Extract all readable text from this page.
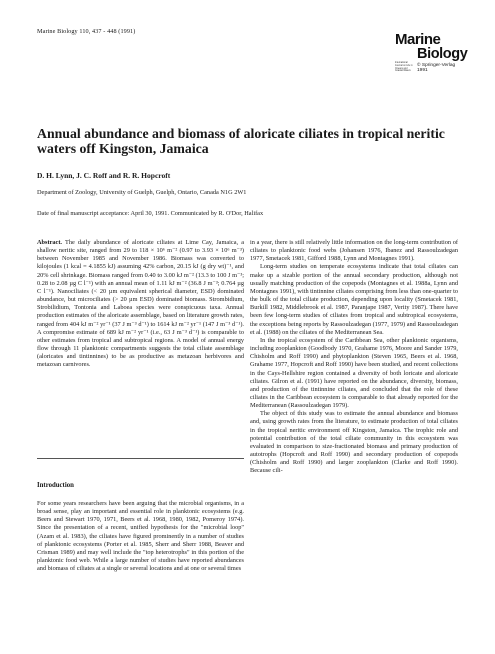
Marine Biology 110, 437 - 448 (1991)	Marine
Biology
International Journal on Life in Oceans and Coastal Waters
© Springer-Verlag 1991
Annual abundance and biomass of aloricate ciliates in tropical neritic waters off Kingston, Jamaica
D. H. Lynn, J. C. Roff and R. R. Hopcroft
Department of Zoology, University of Guelph, Guelph, Ontario, Canada N1G 2W1
Date of final manuscript acceptance: April 30, 1991. Communicated by R. O'Dor, Halifax

Abstract. The daily abundance of aloricate ciliates at Lime Cay, Jamaica, a shallow neritic site, ranged from 29 to 118 × 10⁶ m⁻² (0.97 to 3.93 × 10⁶ m⁻³) between November 1985 and November 1986. Biomass was converted to kilojoules (1 kcal = 4.1855 kJ) assuming 42% carbon, 20.15 kJ (g dry wt)⁻¹, and 20% cell shrinkage. Biomass ranged from 0.40 to 3.00 kJ m⁻² (13.3 to 100 J m⁻³; 0.28 to 2.08 µg C l⁻¹) with an annual mean of 1.11 kJ m⁻² (36.8 J m⁻³; 0.764 µg C l⁻¹). Nanociliates (< 20 µm equivalent spherical diameter, ESD) dominated abundance, but microciliates (> 20 µm ESD) dominated biomass. Strombidium, Strobilidium, Tontonia and Laboea species were conspicuous taxa. Annual production estimates of the aloricate assemblage, based on literature growth rates, ranged from 404 kJ m⁻² yr⁻¹ (37 J m⁻³ d⁻¹) to 1614 kJ m⁻² yr⁻¹ (147 J m⁻³ d⁻¹). A compromise estimate of 689 kJ m⁻² yr⁻¹ (i.e., 63 J m⁻³ d⁻¹) is comparable to other estimates from tropical and subtropical regions. A model of annual energy flow through 11 planktonic compartments suggests the total ciliate assemblage (aloricates and tintinnines) to be as productive as metazoan herbivores and metazoan carnivores.

Introduction

For some years researchers have been arguing that the microbial organisms, in a broad sense, play an important and essential role in planktonic ecosystems (e.g. Beers and Stewart 1970, 1971, Beers et al. 1968, 1980, 1982, Pomeroy 1974). Since the presentation of a recent, unified hypothesis for the "microbial loop" (Azam et al. 1983), the ciliates have figured prominently in a number of studies of planktonic ecosystems (Porter et al. 1985, Sherr and Sherr 1988, Beaver and Crisman 1989) and may well include the "top heterotrophs" in this portion of the planktonic food web. While a large number of studies have reported abundances and biomass of ciliates at a single or several locations and at one or several times

in a year, there is still relatively little information on the long-term contribution of ciliates to planktonic food webs (Johansen 1976, Ibanez and Rassoulzadegan 1977, Smetacek 1981, Gifford 1988, Lynn and Montagnes 1991).

Long-term studies on temperate ecosystems indicate that total ciliates can make up a sizable portion of the annual secondary production, although not usually matching production of the copepods (Montagnes et al. 1988a, Lynn and Montagnes 1991), with tintinnine ciliates comprising from less than one-quarter to the bulk of the total ciliate production, depending upon locality (Smetacek 1981, Burkill 1982, Middlebrook et al. 1987, Paranjape 1987, Verity 1987). There have been few long-term studies of ciliates from tropical and subtropical ecosystems, the exceptions being reports by Rassoulzadegan (1977, 1979) and Rassoulzadegan et al. (1988) on the ciliates of the Mediterranean Sea.

In the tropical ecosystem of the Caribbean Sea, other planktonic organisms, including zooplankton (Goodbody 1970, Grahame 1976, Moore and Sander 1979, Chisholm and Roff 1990) and phytoplankton (Steven 1965, Beers et al. 1968, Grahame 1977, Hopcroft and Roff 1990) have been studied, and recent collections in the Cays-Hellshire region contained a diversity of both loricate and aloricate ciliates. Gilron et al. (1991) have reported on the abundance, diversity, biomass, and production of the tintinnine ciliates, and concluded that the role of these ciliates in the Caribbean ecosystem is comparable to that already reported for the Mediterranean (Rassoulzadegan 1979).

The object of this study was to estimate the annual abundance and biomass and, using growth rates from the literature, to estimate production of total ciliates in the tropical neritic environment off Kingston, Jamaica. The trophic role and potential contribution of the total ciliate community in this ecosystem was evaluated in comparison to size-fractionated biomass and primary production of autotrophs (Hopcroft and Roff 1990) and secondary production of copepods (Chisholm and Roff 1990) and larger zooplankton (Clarke and Roff 1990). Because cili-
